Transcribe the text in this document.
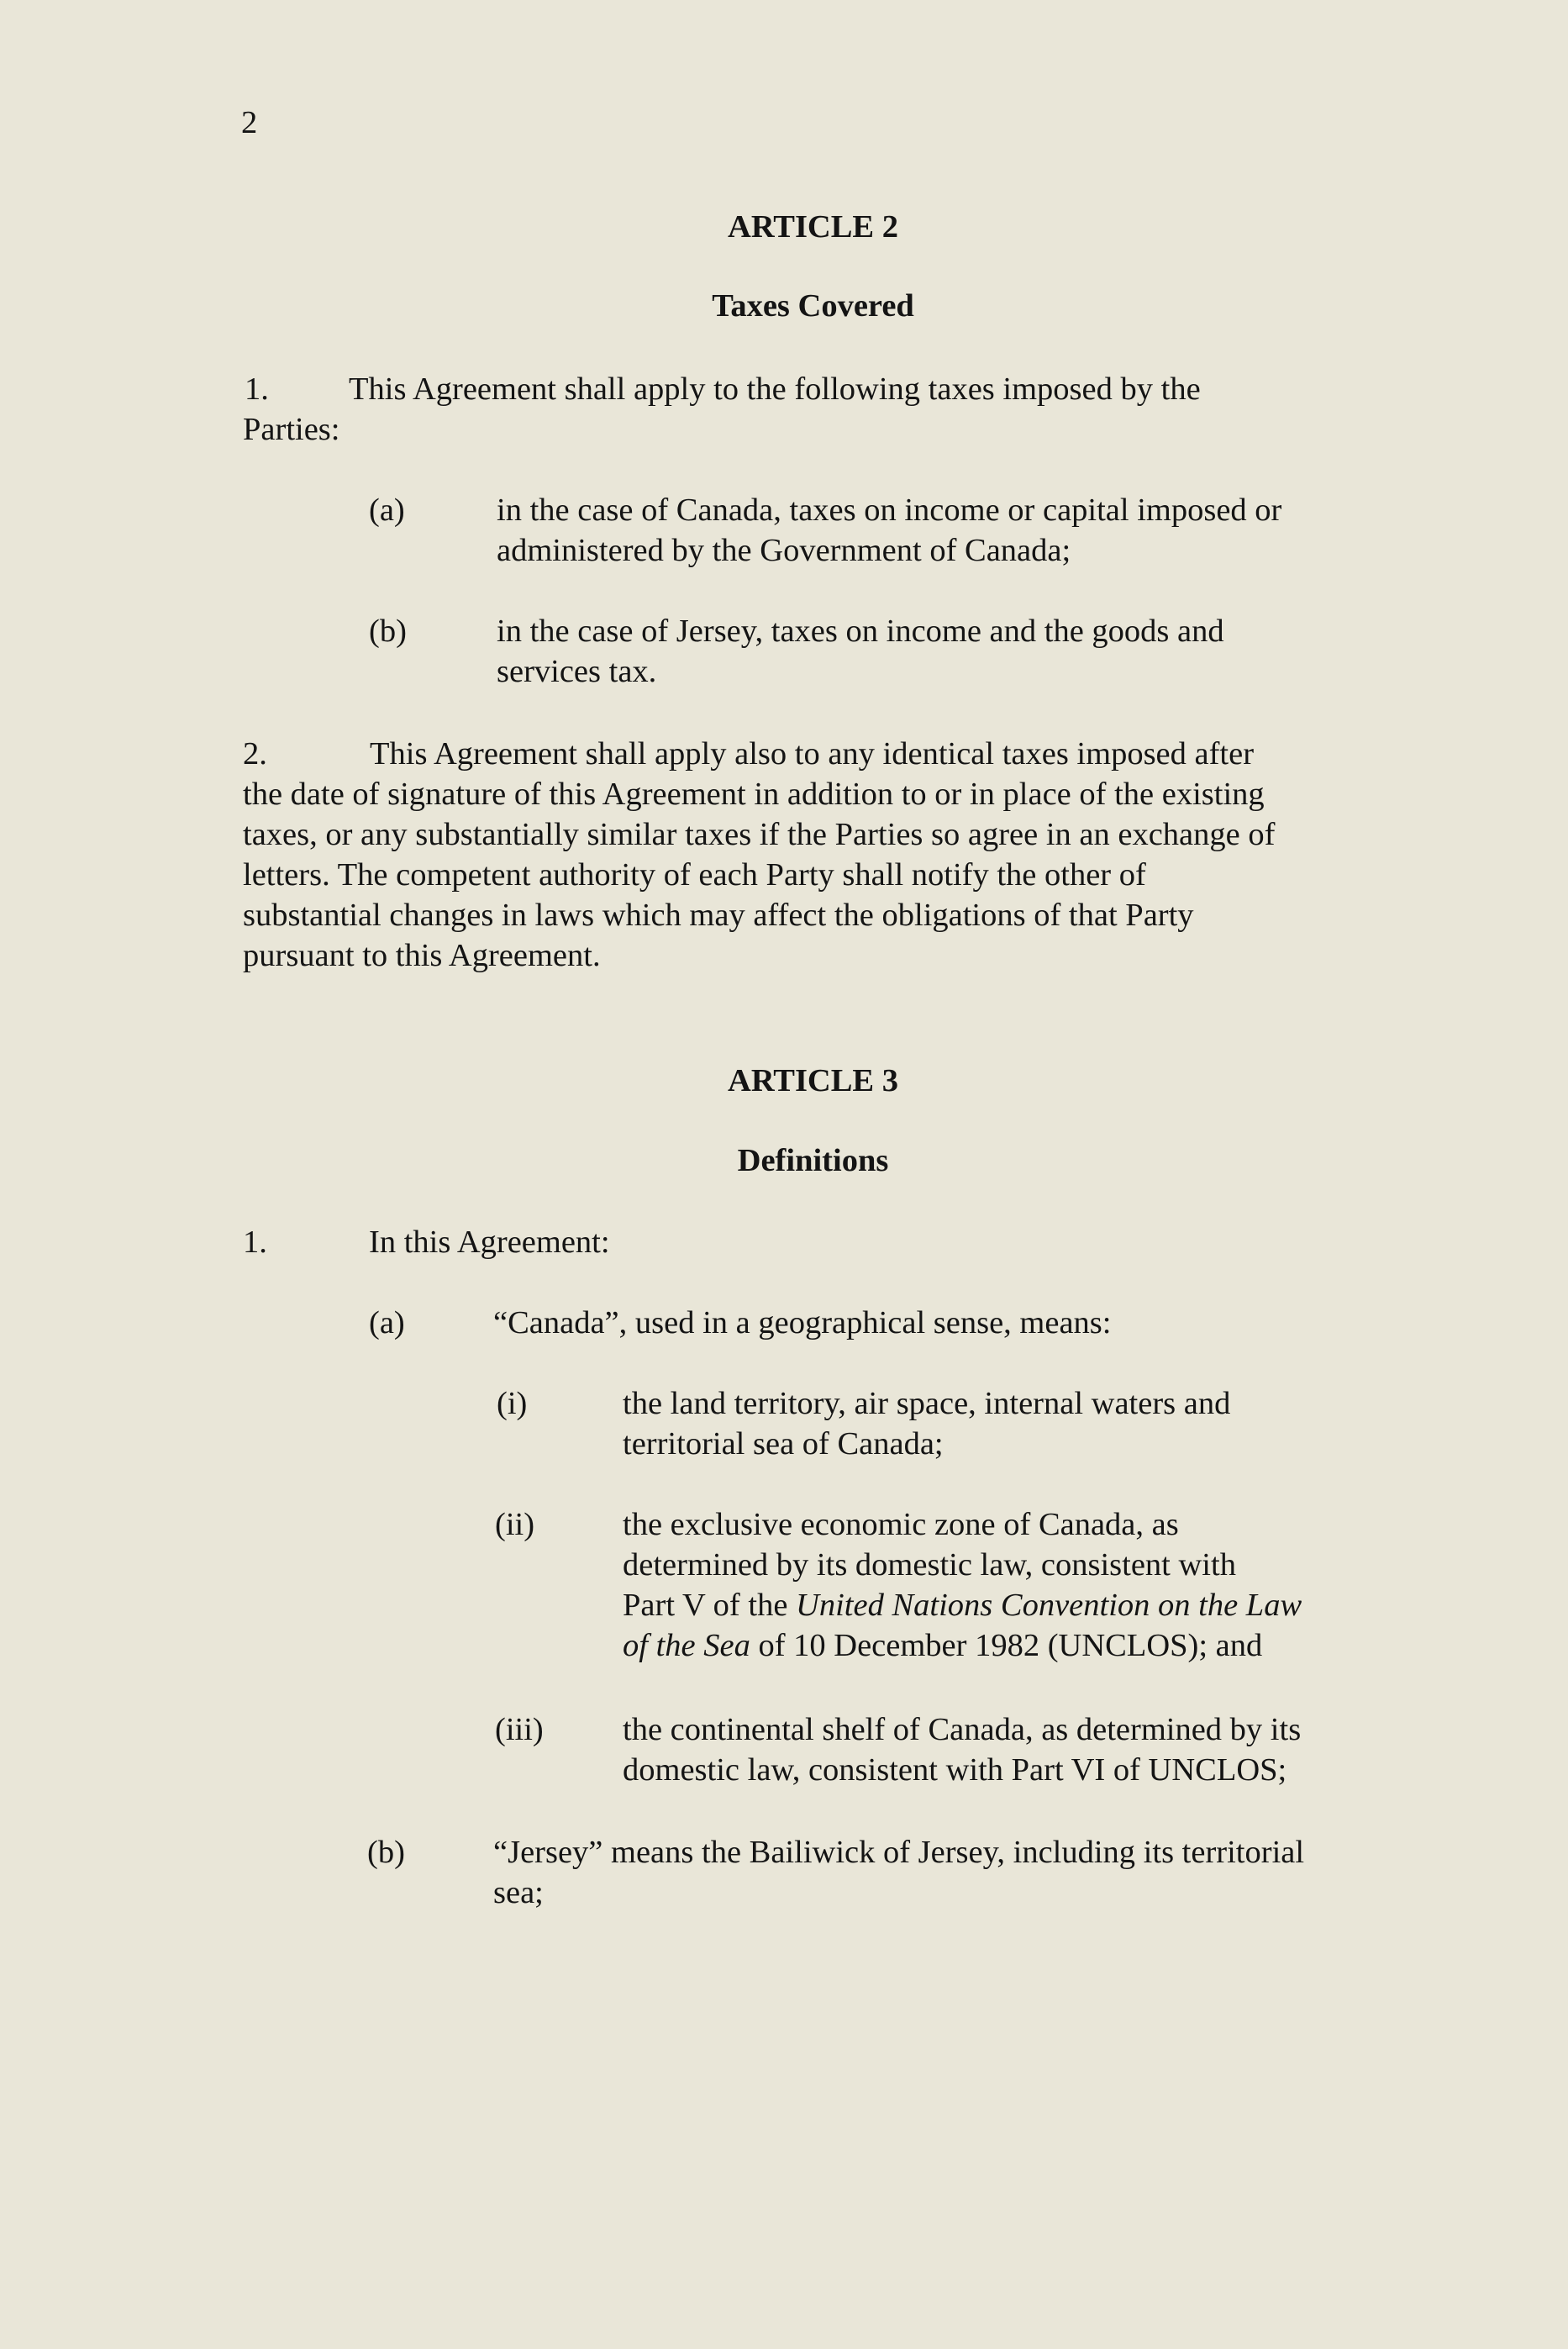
2
ARTICLE 2
Taxes Covered
1. This Agreement shall apply to the following taxes imposed by the
Parties:
(a)	in the case of Canada, taxes on income or capital imposed or
administered by the Government of Canada;
(b)	in the case of Jersey, taxes on income and the goods and
services tax.
2.	This Agreement shall apply also to any identical taxes imposed after
the date of signature of this Agreement in addition to or in place of the existing
taxes, or any substantially similar taxes if the Parties so agree in an exchange of
letters. The competent authority of each Party shall notify the other of
substantial changes in laws which may affect the obligations of that Party
pursuant to this Agreement.
ARTICLE 3
Definitions
1.	In this Agreement:
(a)	“Canada”, used in a geographical sense, means:
(i)	the land territory, air space, internal waters and
territorial sea of Canada;
(ii)	the exclusive economic zone of Canada, as
determined by its domestic law, consistent with
Part V of the United Nations Convention on the Law
of the Sea of 10 December 1982 (UNCLOS); and
(iii) the continental shelf of Canada, as determined by its
domestic law, consistent with Part VI of UNCLOS;
(b)	“Jersey” means the Bailiwick of Jersey, including its territorial
sea;
